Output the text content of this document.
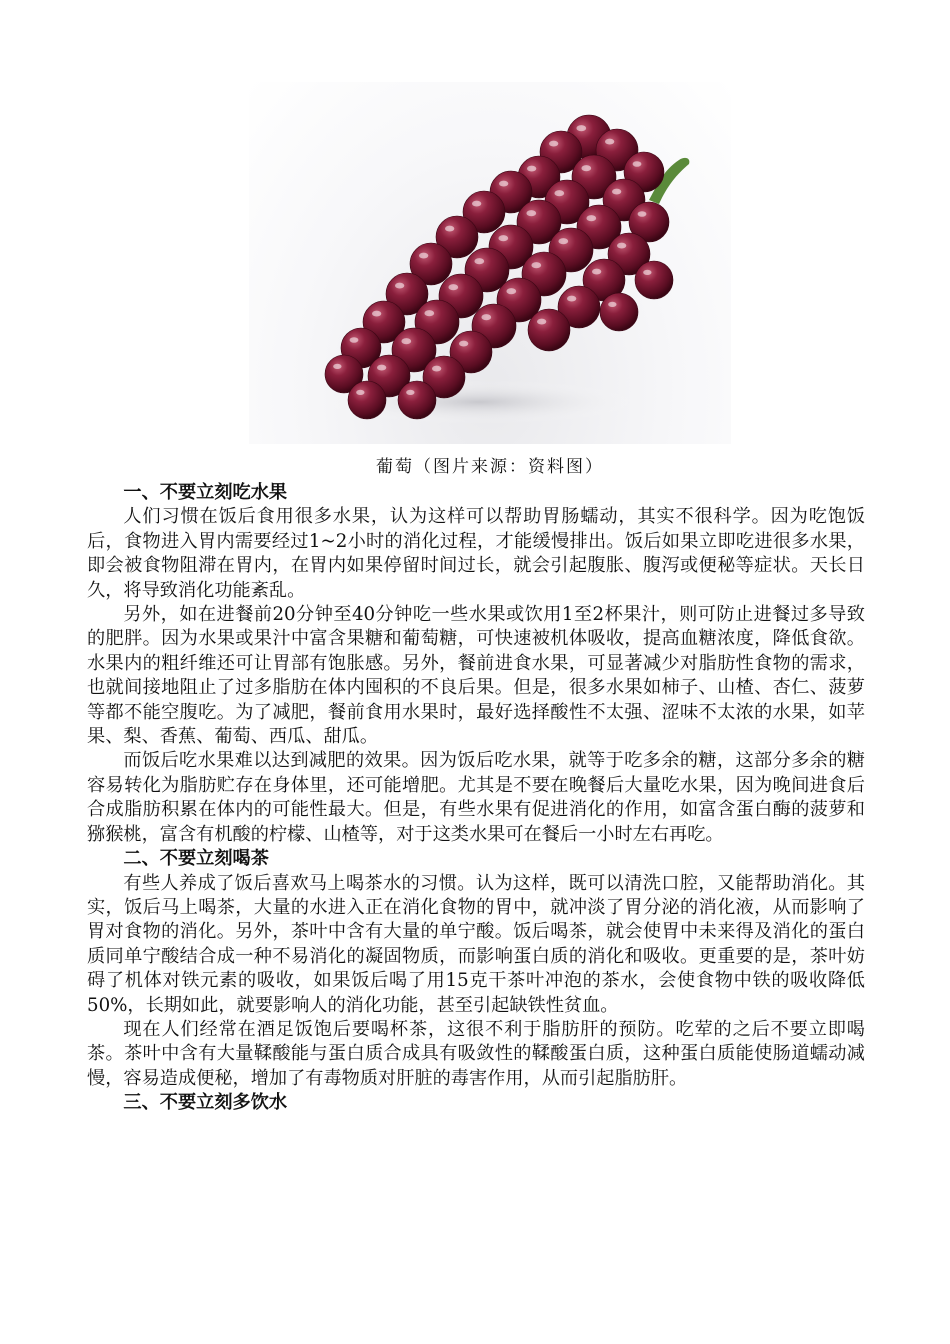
葡萄（图片来源：资料图）
一、不要立刻吃水果

人们习惯在饭后食用很多水果，认为这样可以帮助胃肠蠕动，其实不很科学。因为吃饱饭后，食物进入胃内需要经过1~2小时的消化过程，才能缓慢排出。饭后如果立即吃进很多水果，即会被食物阻滞在胃内，在胃内如果停留时间过长，就会引起腹胀、腹泻或便秘等症状。天长日久，将导致消化功能紊乱。

另外，如在进餐前20分钟至40分钟吃一些水果或饮用1至2杯果汁，则可防止进餐过多导致的肥胖。因为水果或果汁中富含果糖和葡萄糖，可快速被机体吸收，提高血糖浓度，降低食欲。水果内的粗纤维还可让胃部有饱胀感。另外，餐前进食水果，可显著减少对脂肪性食物的需求，也就间接地阻止了过多脂肪在体内囤积的不良后果。但是，很多水果如柿子、山楂、杏仁、菠萝等都不能空腹吃。为了减肥，餐前食用水果时，最好选择酸性不太强、涩味不太浓的水果，如苹果、梨、香蕉、葡萄、西瓜、甜瓜。

而饭后吃水果难以达到减肥的效果。因为饭后吃水果，就等于吃多余的糖，这部分多余的糖容易转化为脂肪贮存在身体里，还可能增肥。尤其是不要在晚餐后大量吃水果，因为晚间进食后合成脂肪积累在体内的可能性最大。但是，有些水果有促进消化的作用，如富含蛋白酶的菠萝和猕猴桃，富含有机酸的柠檬、山楂等，对于这类水果可在餐后一小时左右再吃。

二、不要立刻喝茶

有些人养成了饭后喜欢马上喝茶水的习惯。认为这样，既可以清洗口腔，又能帮助消化。其实，饭后马上喝茶，大量的水进入正在消化食物的胃中，就冲淡了胃分泌的消化液，从而影响了胃对食物的消化。另外，茶叶中含有大量的单宁酸。饭后喝茶，就会使胃中未来得及消化的蛋白质同单宁酸结合成一种不易消化的凝固物质，而影响蛋白质的消化和吸收。更重要的是，茶叶妨碍了机体对铁元素的吸收，如果饭后喝了用15克干茶叶冲泡的茶水，会使食物中铁的吸收降低50%，长期如此，就要影响人的消化功能，甚至引起缺铁性贫血。

现在人们经常在酒足饭饱后要喝杯茶，这很不利于脂肪肝的预防。吃荤的之后不要立即喝茶。茶叶中含有大量鞣酸能与蛋白质合成具有吸敛性的鞣酸蛋白质，这种蛋白质能使肠道蠕动减慢，容易造成便秘，增加了有毒物质对肝脏的毒害作用，从而引起脂肪肝。

三、不要立刻多饮水
